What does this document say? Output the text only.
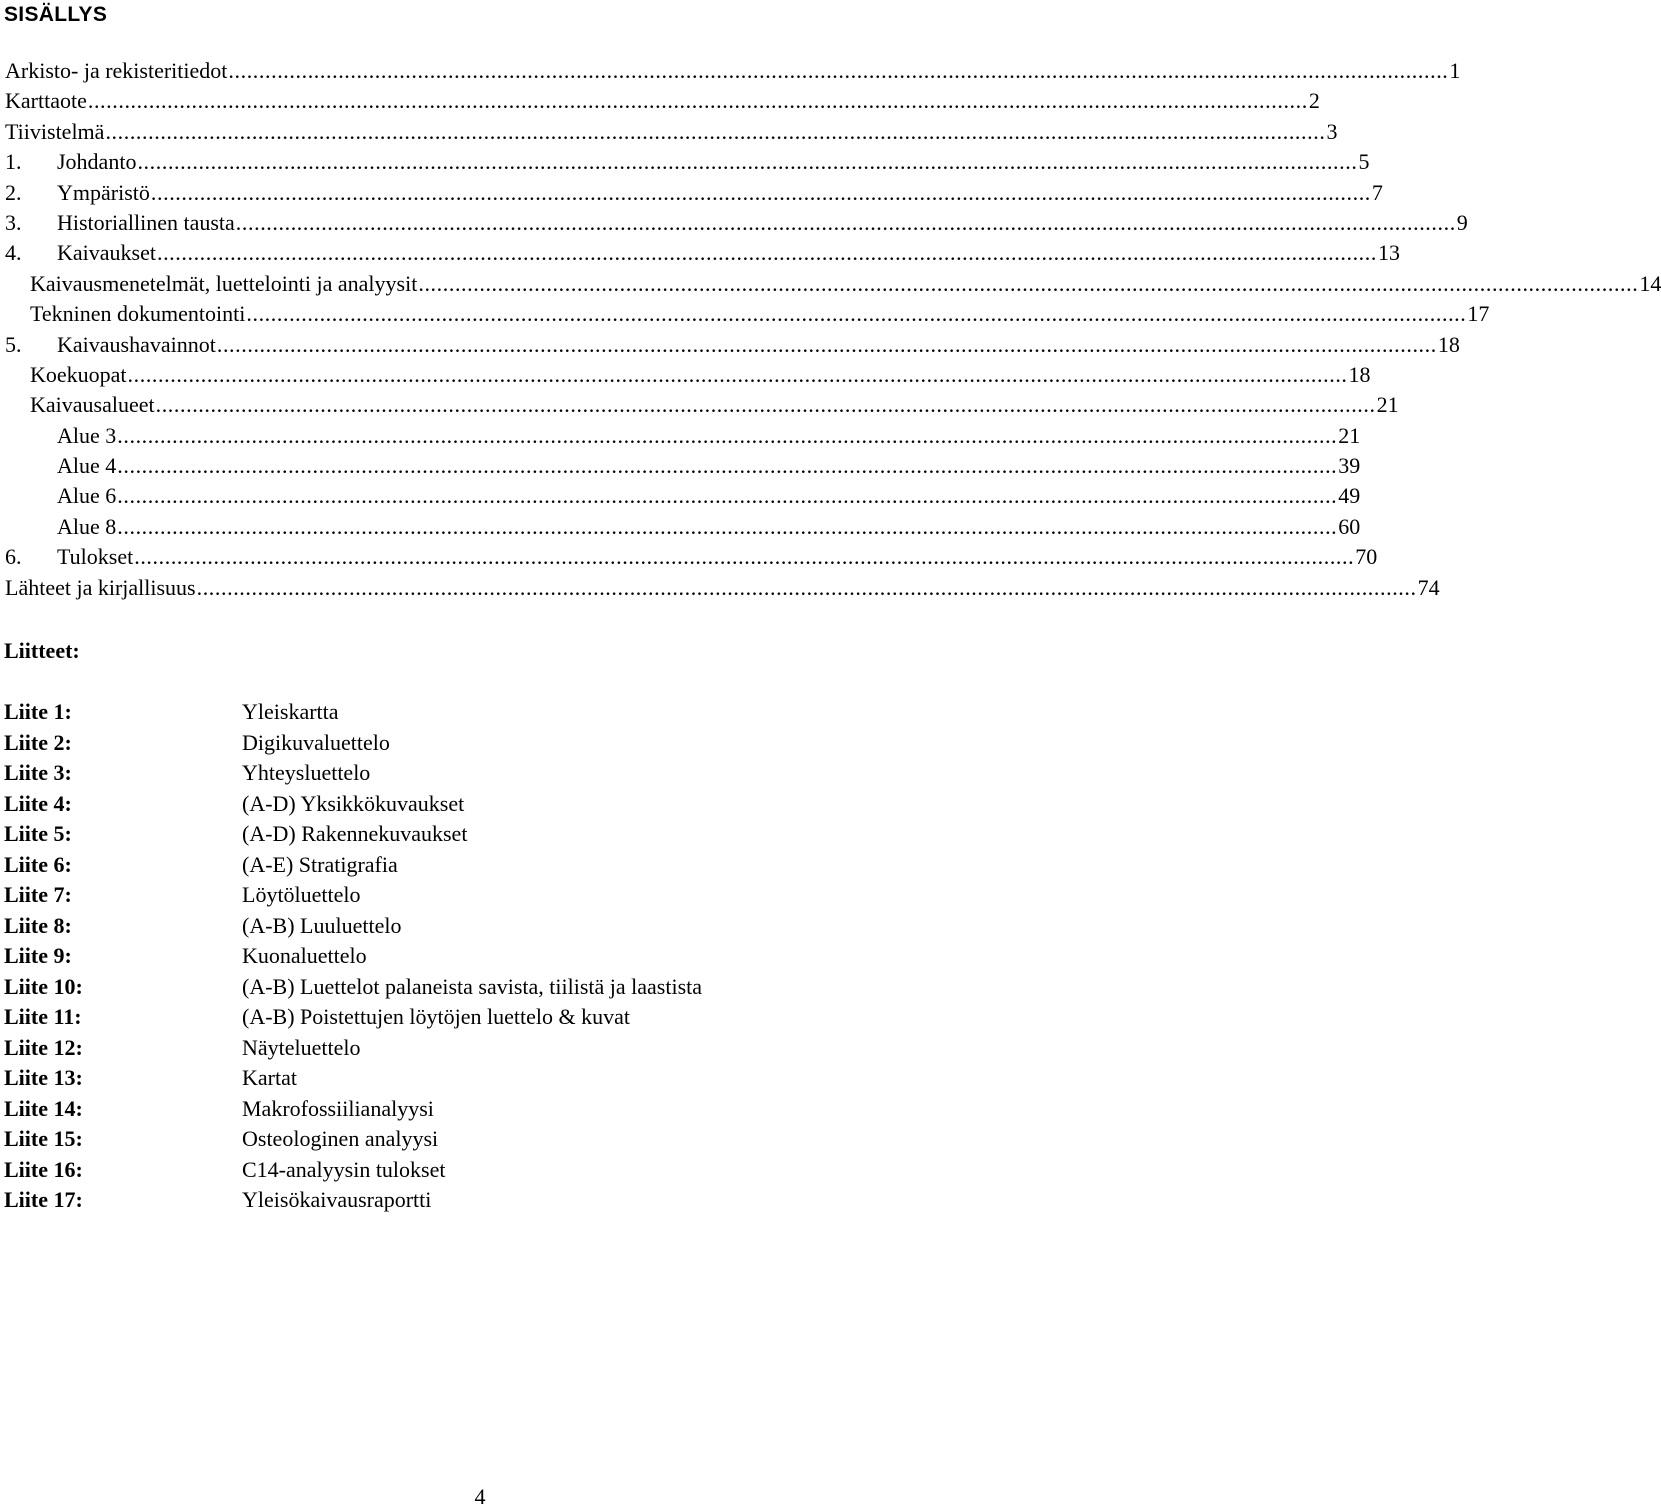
SISÄLLYS
Arkisto- ja rekisteritiedot ........................................................................................................................................................................................................ 1
Karttaote ........................................................................................................................................................................................................ 2
Tiivistelmä ........................................................................................................................................................................................................ 3
1.	Johdanto ........................................................................................................................................................................................................ 5
2.	Ympäristö ........................................................................................................................................................................................................ 7
3.	Historiallinen tausta ........................................................................................................................................................................................................ 9
4.	Kaivaukset ........................................................................................................................................................................................................ 13
Kaivausmenetelmät, luettelointi ja analyysit ........................................................................................................................................................................................................ 14
Tekninen dokumentointi ........................................................................................................................................................................................................ 17
5.	Kaivaushavainnot ........................................................................................................................................................................................................ 18
Koekuopat ........................................................................................................................................................................................................ 18
Kaivausalueet ........................................................................................................................................................................................................ 21
Alue 3 ........................................................................................................................................................................................................ 21
Alue 4 ........................................................................................................................................................................................................ 39
Alue 6 ........................................................................................................................................................................................................ 49
Alue 8 ........................................................................................................................................................................................................ 60
6.	Tulokset ........................................................................................................................................................................................................ 70
Lähteet ja kirjallisuus ........................................................................................................................................................................................................ 74
Liitteet:
Liite 1:	Yleiskartta
Liite 2:	Digikuvaluettelo
Liite 3:	Yhteysluettelo
Liite 4:	(A-D) Yksikkökuvaukset
Liite 5:	(A-D) Rakennekuvaukset
Liite 6:	(A-E) Stratigrafia
Liite 7:	Löytöluettelo
Liite 8:	(A-B) Luuluettelo
Liite 9:	Kuonaluettelo
Liite 10:	(A-B) Luettelot palaneista savista, tiilistä ja laastista
Liite 11:	(A-B) Poistettujen löytöjen luettelo & kuvat
Liite 12:	Näyteluettelo
Liite 13:	Kartat
Liite 14:	Makrofossiilianalyysi
Liite 15:	Osteologinen analyysi
Liite 16:	C14-analyysin tulokset
Liite 17:	Yleisökaivausraportti
4
